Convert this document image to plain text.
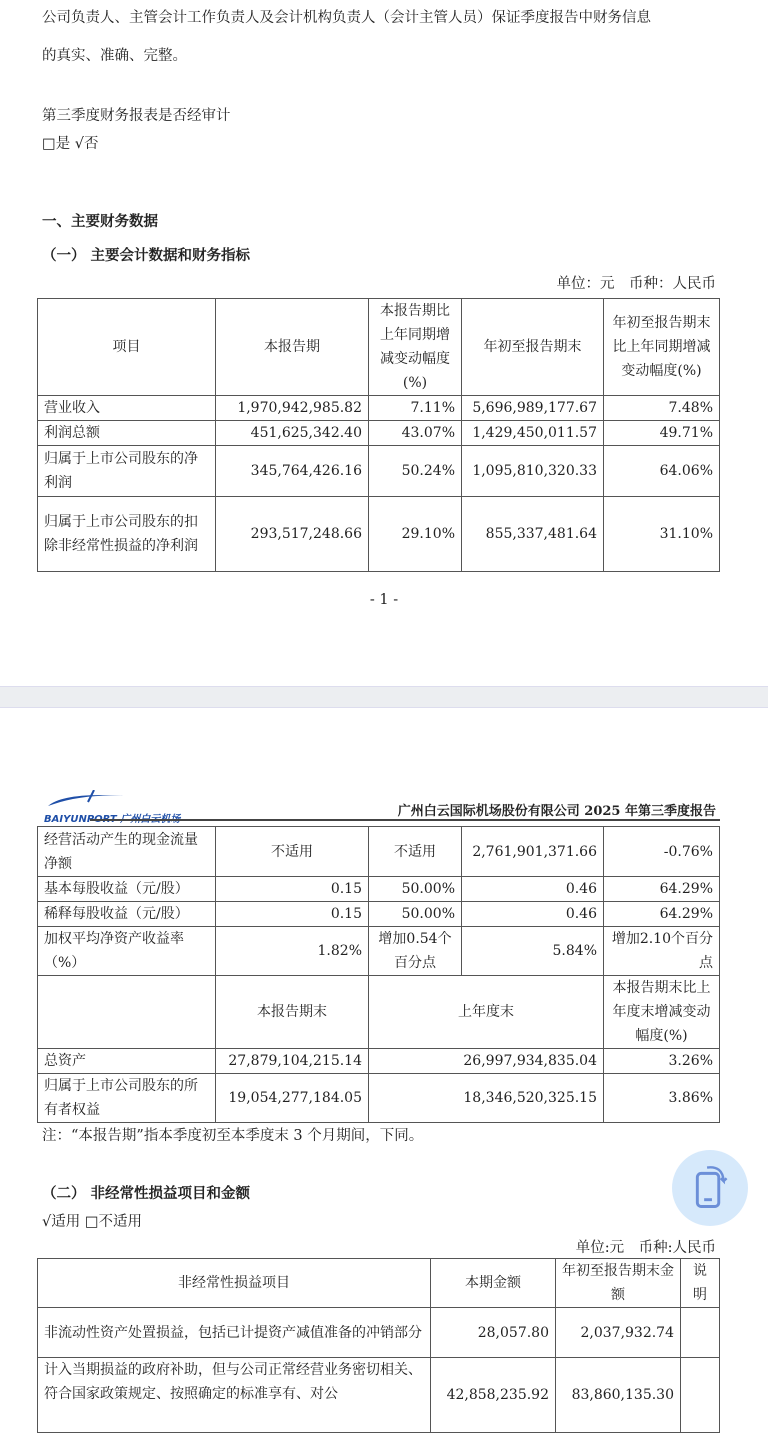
公司负责人、主管会计工作负责人及会计机构负责人（会计主管人员）保证季度报告中财务信息
的真实、准确、完整。
第三季度财务报表是否经审计
□是 √否
一、主要财务数据
（一） 主要会计数据和财务指标
单位：元　币种：人民币
项目	本报告期	本报告期比上年同期增减变动幅度(%)	年初至报告期末	年初至报告期末比上年同期增减变动幅度(%)
营业收入	1,970,942,985.82	7.11%	5,696,989,177.67	7.48%
利润总额	451,625,342.40	43.07%	1,429,450,011.57	49.71%
归属于上市公司股东的净利润	345,764,426.16	50.24%	1,095,810,320.33	64.06%
归属于上市公司股东的扣除非经常性损益的净利润	293,517,248.66	29.10%	855,337,481.64	31.10%
- 1 -
BAIYUNPORT 广州白云机场
广州白云国际机场股份有限公司 2025 年第三季度报告
经营活动产生的现金流量净额	不适用	不适用	2,761,901,371.66	-0.76%
基本每股收益（元/股）	0.15	50.00%	0.46	64.29%
稀释每股收益（元/股）	0.15	50.00%	0.46	64.29%
加权平均净资产收益率（%）	1.82%	增加0.54个百分点	5.84%	增加2.10个百分点
	本报告期末	上年度末		本报告期末比上年度末增减变动幅度(%)
总资产	27,879,104,215.14	26,997,934,835.04		3.26%
归属于上市公司股东的所有者权益	19,054,277,184.05	18,346,520,325.15		3.86%
注：“本报告期”指本季度初至本季度末 3 个月期间，下同。
（二） 非经常性损益项目和金额
√适用 □不适用
单位:元　币种:人民币
非经常性损益项目	本期金额	年初至报告期末金额	说明
非流动性资产处置损益，包括已计提资产减值准备的冲销部分	28,057.80	2,037,932.74	
计入当期损益的政府补助，但与公司正常经营业务密切相关、符合国家政策规定、按照确定的标准享有、对公	42,858,235.92	83,860,135.30	
